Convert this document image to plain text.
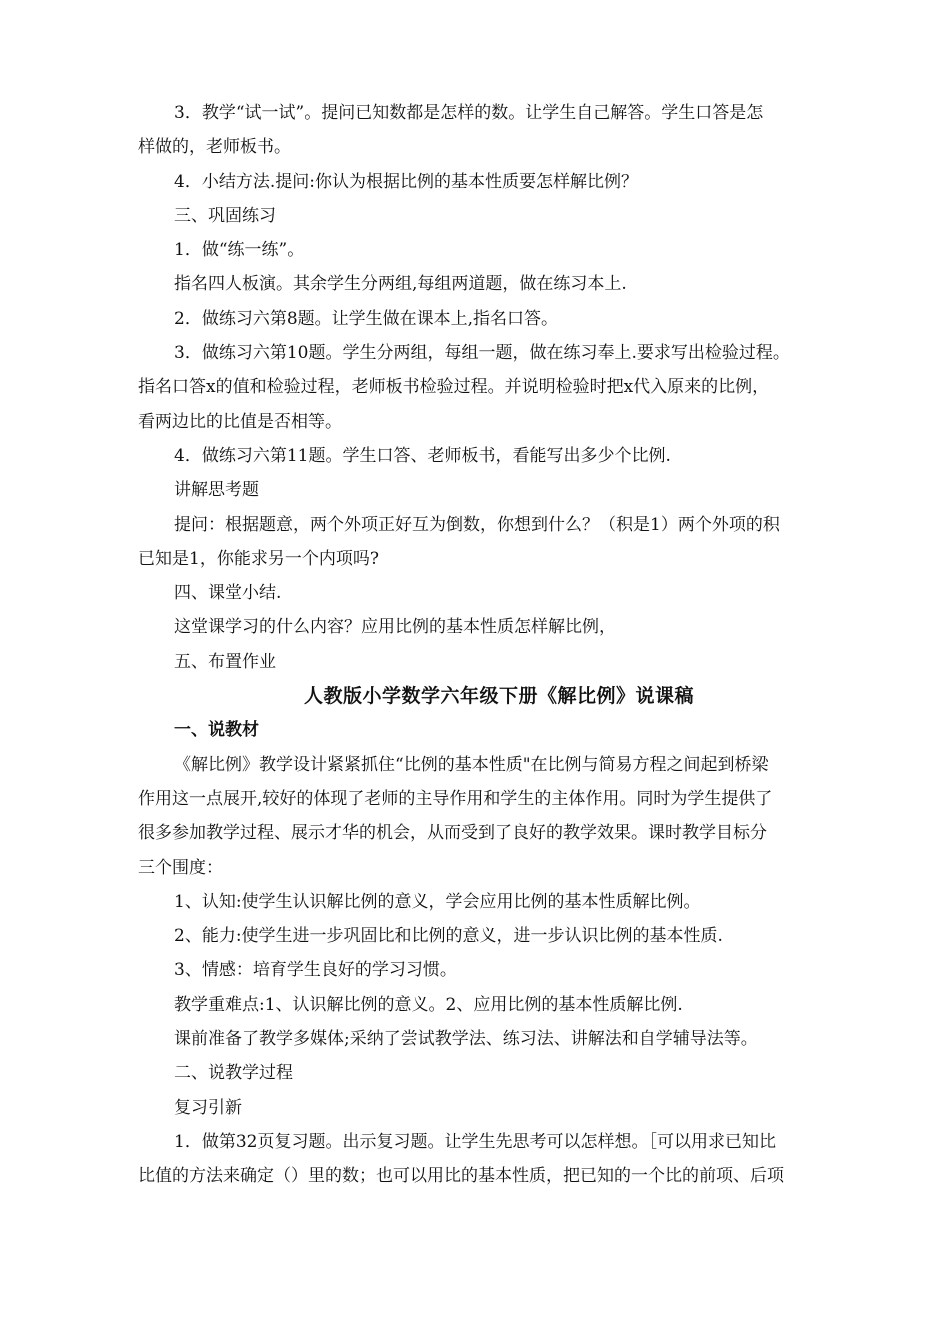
3．教学“试一试”。提问已知数都是怎样的数。让学生自己解答。学生口答是怎
样做的，老师板书。
4．小结方法.提问:你认为根据比例的基本性质要怎样解比例？
三、巩固练习
1．做“练一练”。
指名四人板演。其余学生分两组,每组两道题，做在练习本上.
2．做练习六第8题。让学生做在课本上,指名口答。
3．做练习六第10题。学生分两组，每组一题，做在练习奉上.要求写出检验过程。
指名口答x的值和检验过程，老师板书检验过程。并说明检验时把x代入原来的比例，
看两边比的比值是否相等。
4．做练习六第11题。学生口答、老师板书，看能写出多少个比例.
讲解思考题
提问：根据题意，两个外项正好互为倒数，你想到什么？（积是1）两个外项的积
已知是1，你能求另一个内项吗?
四、课堂小结.
这堂课学习的什么内容？应用比例的基本性质怎样解比例，
五、布置作业
人教版小学数学六年级下册《解比例》说课稿
一、说教材
《解比例》教学设计紧紧抓住“比例的基本性质"在比例与简易方程之间起到桥梁
作用这一点展开,较好的体现了老师的主导作用和学生的主体作用。同时为学生提供了
很多参加教学过程、展示才华的机会，从而受到了良好的教学效果。课时教学目标分
三个围度：
1、认知:使学生认识解比例的意义，学会应用比例的基本性质解比例。
2、能力:使学生进一步巩固比和比例的意义，进一步认识比例的基本性质.
3、情感：培育学生良好的学习习惯。
教学重难点:1、认识解比例的意义。2、应用比例的基本性质解比例.
课前准备了教学多媒体;采纳了尝试教学法、练习法、讲解法和自学辅导法等。
二、说教学过程
复习引新
1．做第32页复习题。出示复习题。让学生先思考可以怎样想。［可以用求已知比
比值的方法来确定（）里的数；也可以用比的基本性质，把已知的一个比的前项、后项
